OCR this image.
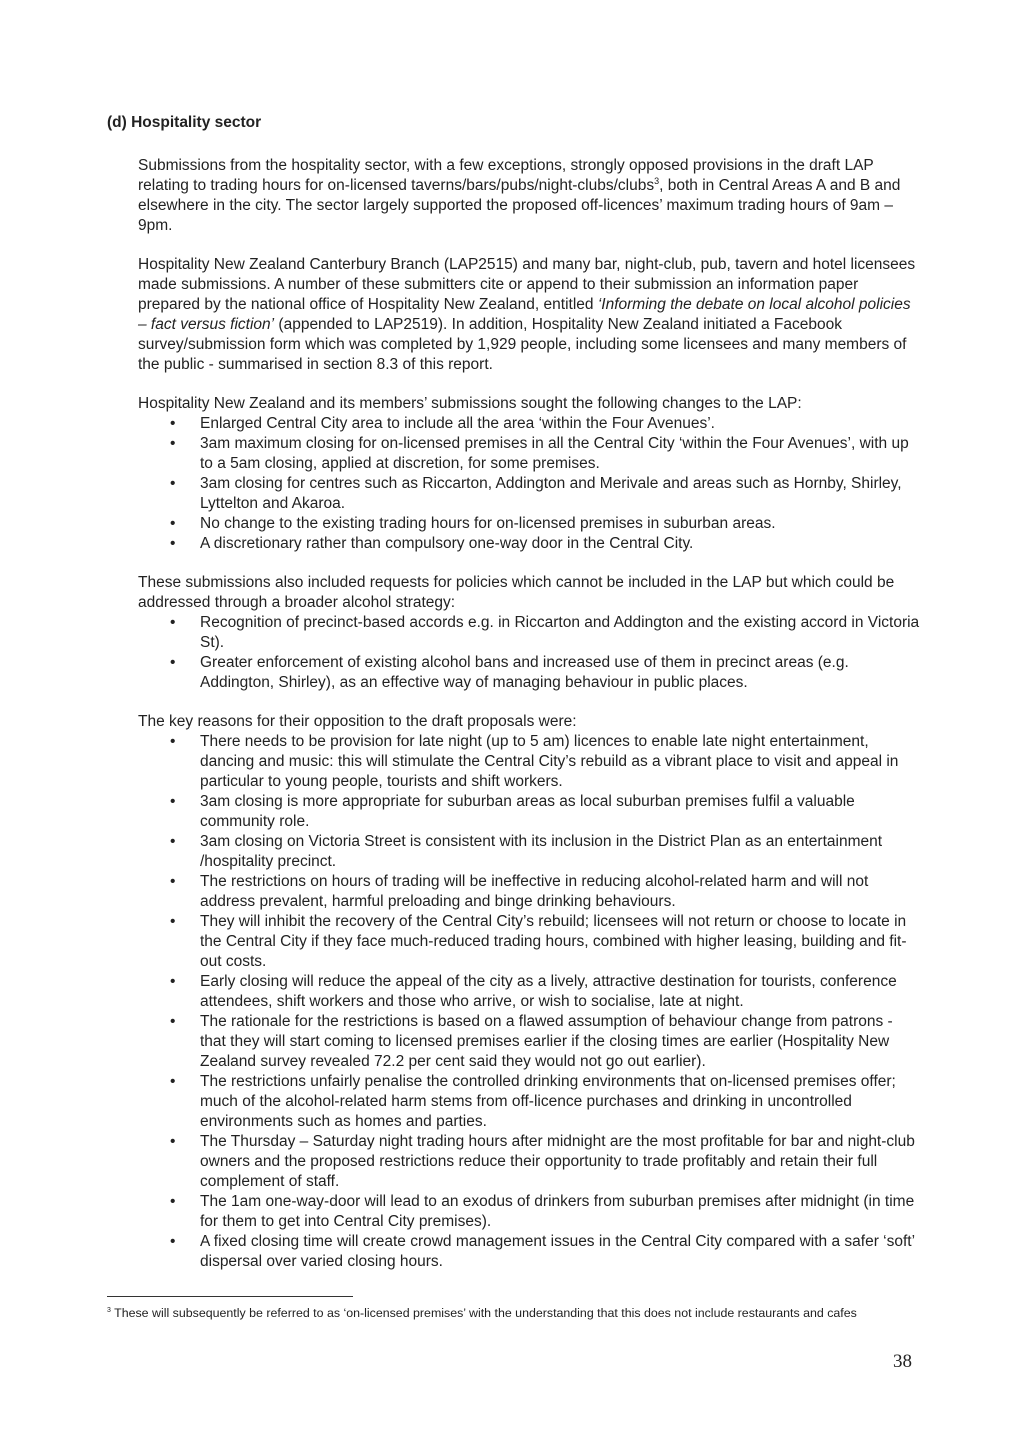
(d) Hospitality sector

Submissions from the hospitality sector, with a few exceptions, strongly opposed provisions in the draft LAP relating to trading hours for on-licensed taverns/bars/pubs/night-clubs/clubs$^3$, both in Central Areas A and B and elsewhere in the city. The sector largely supported the proposed off-licences’ maximum trading hours of 9am – 9pm.

Hospitality New Zealand Canterbury Branch (LAP2515) and many bar, night-club, pub, tavern and hotel licensees made submissions. A number of these submitters cite or append to their submission an information paper prepared by the national office of Hospitality New Zealand, entitled ‘Informing the debate on local alcohol policies – fact versus fiction’ (appended to LAP2519). In addition, Hospitality New Zealand initiated a Facebook survey/submission form which was completed by 1,929 people, including some licensees and many members of the public - summarised in section 8.3 of this report.

Hospitality New Zealand and its members’ submissions sought the following changes to the LAP:

• Enlarged Central City area to include all the area ‘within the Four Avenues’.
• 3am maximum closing for on-licensed premises in all the Central City ‘within the Four Avenues’, with up to a 5am closing, applied at discretion, for some premises.
• 3am closing for centres such as Riccarton, Addington and Merivale and areas such as Hornby, Shirley, Lyttelton and Akaroa.
• No change to the existing trading hours for on-licensed premises in suburban areas.
• A discretionary rather than compulsory one-way door in the Central City.

These submissions also included requests for policies which cannot be included in the LAP but which could be addressed through a broader alcohol strategy:

• Recognition of precinct-based accords e.g. in Riccarton and Addington and the existing accord in Victoria St).
• Greater enforcement of existing alcohol bans and increased use of them in precinct areas (e.g. Addington, Shirley), as an effective way of managing behaviour in public places.

The key reasons for their opposition to the draft proposals were:

• There needs to be provision for late night (up to 5 am) licences to enable late night entertainment, dancing and music: this will stimulate the Central City’s rebuild as a vibrant place to visit and appeal in particular to young people, tourists and shift workers.
• 3am closing is more appropriate for suburban areas as local suburban premises fulfil a valuable community role.
• 3am closing on Victoria Street is consistent with its inclusion in the District Plan as an entertainment /hospitality precinct.
• The restrictions on hours of trading will be ineffective in reducing alcohol-related harm and will not address prevalent, harmful preloading and binge drinking behaviours.
• They will inhibit the recovery of the Central City’s rebuild; licensees will not return or choose to locate in the Central City if they face much-reduced trading hours, combined with higher leasing, building and fit-out costs.
• Early closing will reduce the appeal of the city as a lively, attractive destination for tourists, conference attendees, shift workers and those who arrive, or wish to socialise, late at night.
• The rationale for the restrictions is based on a flawed assumption of behaviour change from patrons - that they will start coming to licensed premises earlier if the closing times are earlier (Hospitality New Zealand survey revealed 72.2 per cent said they would not go out earlier).
• The restrictions unfairly penalise the controlled drinking environments that on-licensed premises offer; much of the alcohol-related harm stems from off-licence purchases and drinking in uncontrolled environments such as homes and parties.
• The Thursday – Saturday night trading hours after midnight are the most profitable for bar and night-club owners and the proposed restrictions reduce their opportunity to trade profitably and retain their full complement of staff.
• The 1am one-way-door will lead to an exodus of drinkers from suburban premises after midnight (in time for them to get into Central City premises).
• A fixed closing time will create crowd management issues in the Central City compared with a safer ‘soft’ dispersal over varied closing hours.
$^3$ These will subsequently be referred to as ‘on-licensed premises’ with the understanding that this does not include restaurants and cafes
38
